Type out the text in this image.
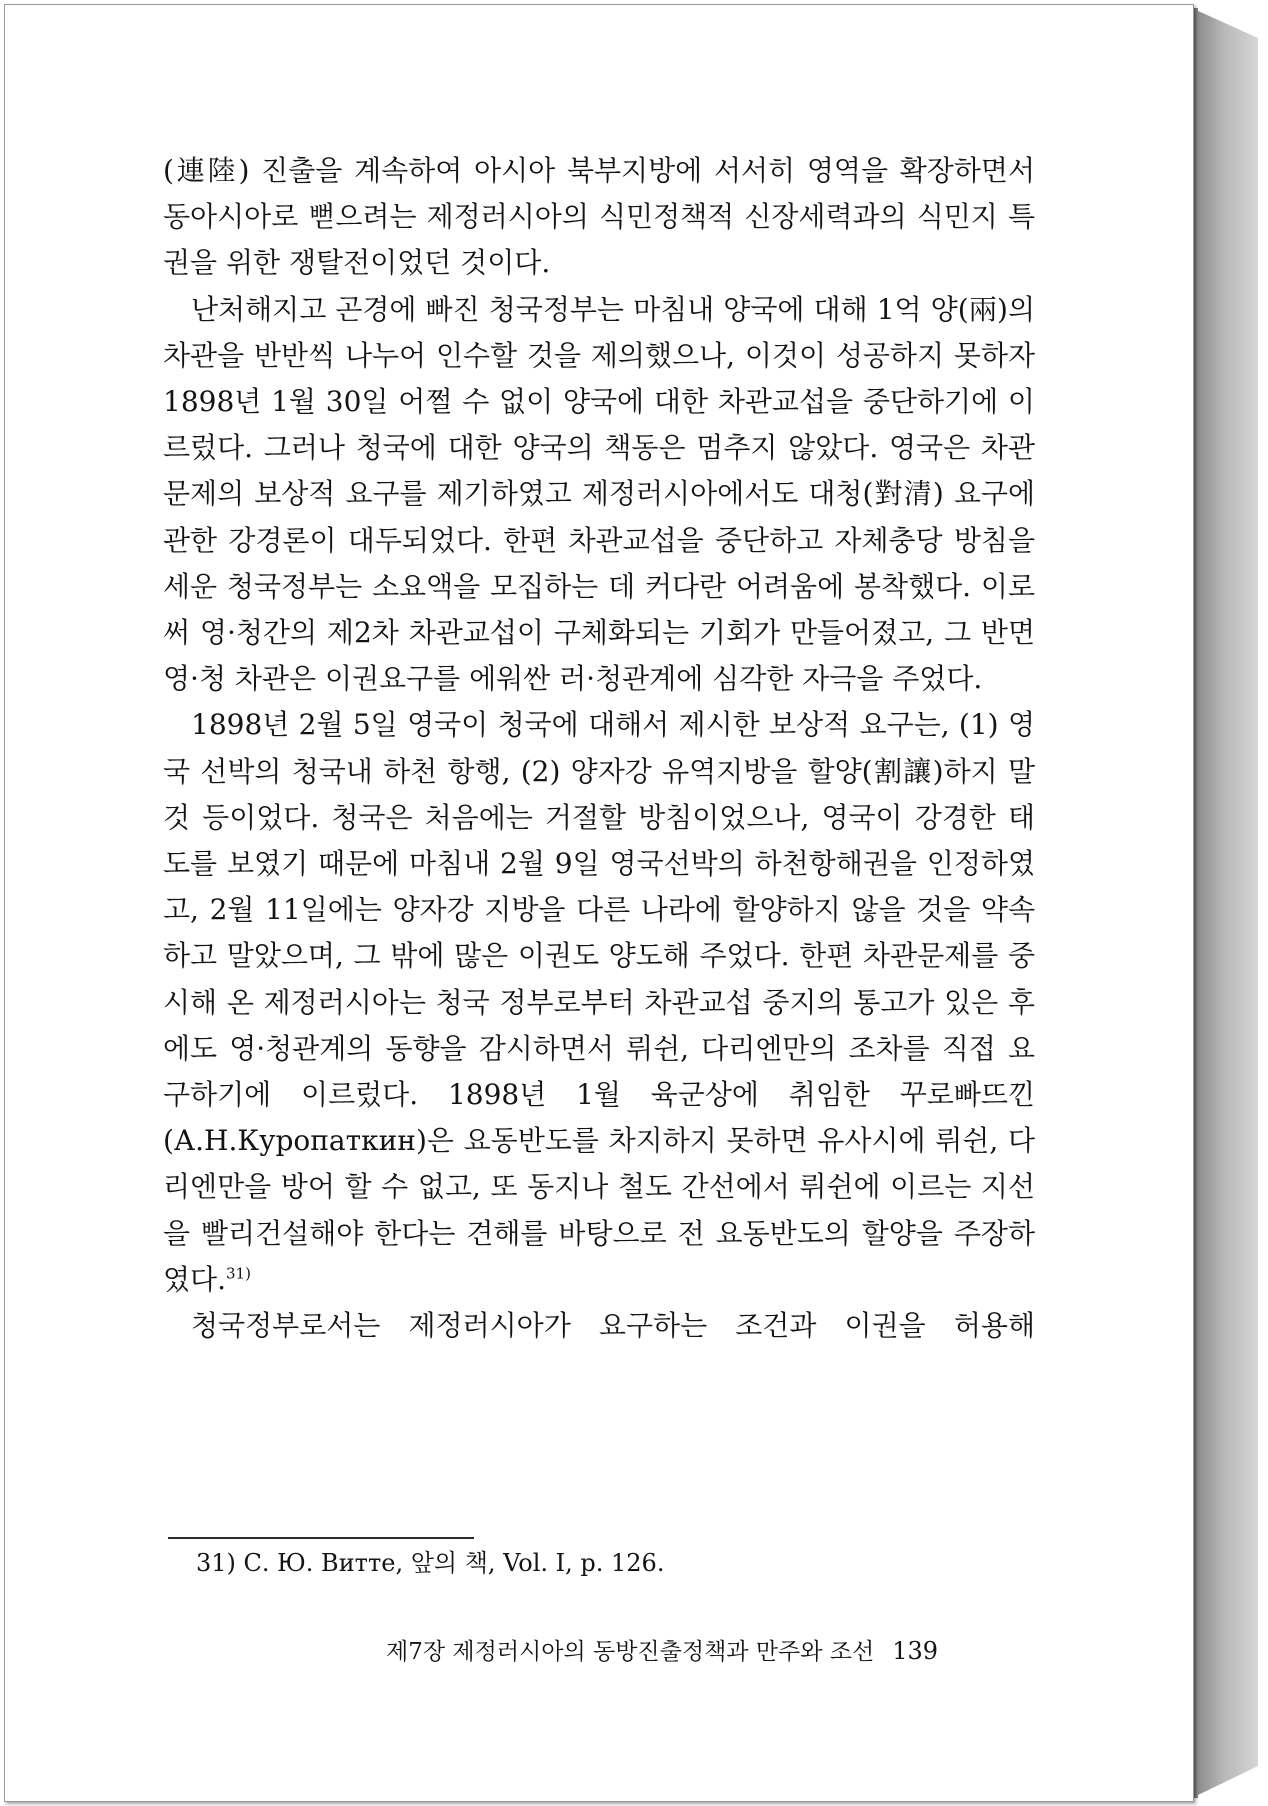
(連陸) 진출을 계속하여 아시아 북부지방에 서서히 영역을 확장하면서 동아시아로 뻗으려는 제정러시아의 식민정책적 신장세력과의 식민지 특권을 위한 쟁탈전이었던 것이다.

난처해지고 곤경에 빠진 청국정부는 마침내 양국에 대해 1억 양(兩)의 차관을 반반씩 나누어 인수할 것을 제의했으나, 이것이 성공하지 못하자 1898년 1월 30일 어쩔 수 없이 양국에 대한 차관교섭을 중단하기에 이르렀다. 그러나 청국에 대한 양국의 책동은 멈추지 않았다. 영국은 차관문제의 보상적 요구를 제기하였고 제정러시아에서도 대청(對清) 요구에 관한 강경론이 대두되었다. 한편 차관교섭을 중단하고 자체충당 방침을 세운 청국정부는 소요액을 모집하는 데 커다란 어려움에 봉착했다. 이로써 영·청간의 제2차 차관교섭이 구체화되는 기회가 만들어졌고, 그 반면 영·청 차관은 이권요구를 에워싼 러·청관계에 심각한 자극을 주었다.

1898년 2월 5일 영국이 청국에 대해서 제시한 보상적 요구는, (1) 영국 선박의 청국내 하천 항행, (2) 양자강 유역지방을 할양(割讓)하지 말 것 등이었다. 청국은 처음에는 거절할 방침이었으나, 영국이 강경한 태도를 보였기 때문에 마침내 2월 9일 영국선박의 하천항해권을 인정하였고, 2월 11일에는 양자강 지방을 다른 나라에 할양하지 않을 것을 약속하고 말았으며, 그 밖에 많은 이권도 양도해 주었다. 한편 차관문제를 중시해 온 제정러시아는 청국 정부로부터 차관교섭 중지의 통고가 있은 후에도 영·청관계의 동향을 감시하면서 뤼쉰, 다리엔만의 조차를 직접 요구하기에 이르렀다. 1898년 1월 육군상에 취임한 꾸로빠뜨낀(А.Н.Куропаткин)은 요동반도를 차지하지 못하면 유사시에 뤼쉰, 다리엔만을 방어 할 수 없고, 또 동지나 철도 간선에서 뤼쉰에 이르는 지선을 빨리건설해야 한다는 견해를 바탕으로 전 요동반도의 할양을 주장하였다.$^{31)}$

청국정부로서는 제정러시아가 요구하는 조건과 이권을 허용해

31) С. Ю. Витте, 앞의 책, Vol. I, p. 126.
제7장 제정러시아의 동방진출정책과 만주와 조선 139
